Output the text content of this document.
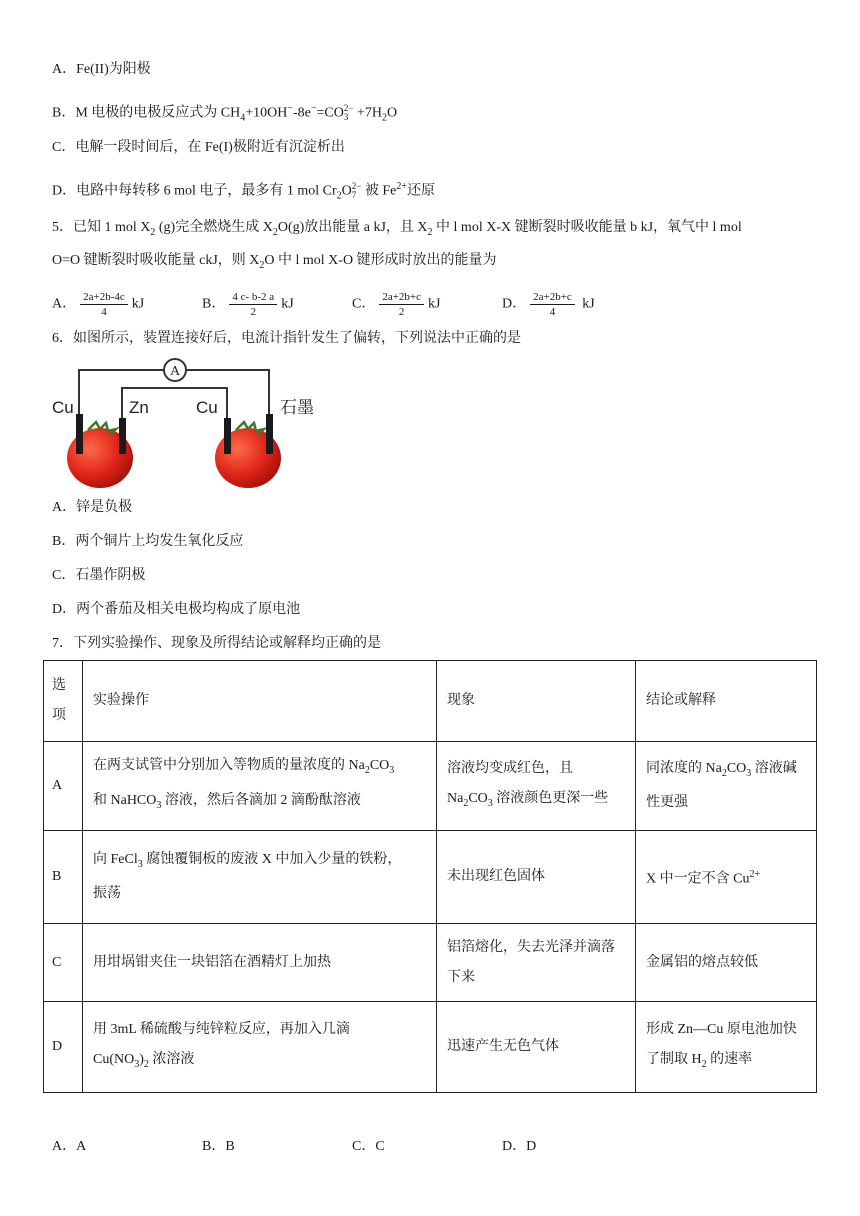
A．Fe(II)为阳极
B．M 电极的电极反应式为 $CH_4+10OH^--8e^-=CO$ 2−
$3 +7H_2O$
C．电解一段时间后，在 Fe(I)极附近有沉淀析出
D．电路中每转移 6 mol 电子，最多有 1 mol $Cr_2O$ 2−
7 被 $Fe^{2+}$还原
5．已知 1 mol $X_2$ (g)完全燃烧生成 $X_2O(g)$放出能量 a kJ，且 $X_2$ 中 l mol X-X 键断裂时吸收能量 b kJ，氧气中 l mol
O=O 键断裂时吸收能量 ckJ，则 $X_2O$ 中 l mol X-O 键形成时放出的能量为
A． $\frac{2a+2b-4c}{4}$ kJ	B． $\frac{4 c- b-2 a}{2}$ kJ	C． $\frac{2a+2b+c}{2}$ kJ	D． $\frac{2a+2b+c}{4}$ kJ
6．如图所示，装置连接好后，电流计指针发生了偏转，下列说法中正确的是
A
Cu	Zn	Cu	石墨
A．锌是负极
B．两个铜片上均发生氧化反应
C．石墨作阴极
D．两个番茄及相关电极均构成了原电池
7．下列实验操作、现象及所得结论或解释均正确的是
选
项	实验操作	现象	结论或解释
A	在两支试管中分别加入等物质的量浓度的 $Na_2CO_3$
和 NaHCO$_3$ 溶液，然后各滴加 2 滴酚酞溶液	溶液均变成红色，且
$Na_2CO_3$ 溶液颜色更深一些	同浓度的 $Na_2CO_3$ 溶液碱
性更强
B	向 FeCl$_3$ 腐蚀覆铜板的废液 X 中加入少量的铁粉，
振荡	未出现红色固体	X 中一定不含 $Cu^{2+}$
C	用坩埚钳夹住一块铝箔在酒精灯上加热	铝箔熔化，失去光泽并滴落
下来	金属铝的熔点较低
D	用 3mL 稀硫酸与纯锌粒反应，再加入几滴
$Cu(NO_3)_2$ 浓溶液	迅速产生无色气体	形成 Zn—Cu 原电池加快
了制取 $H_2$ 的速率
A．A	B．B	C．C	D．D
